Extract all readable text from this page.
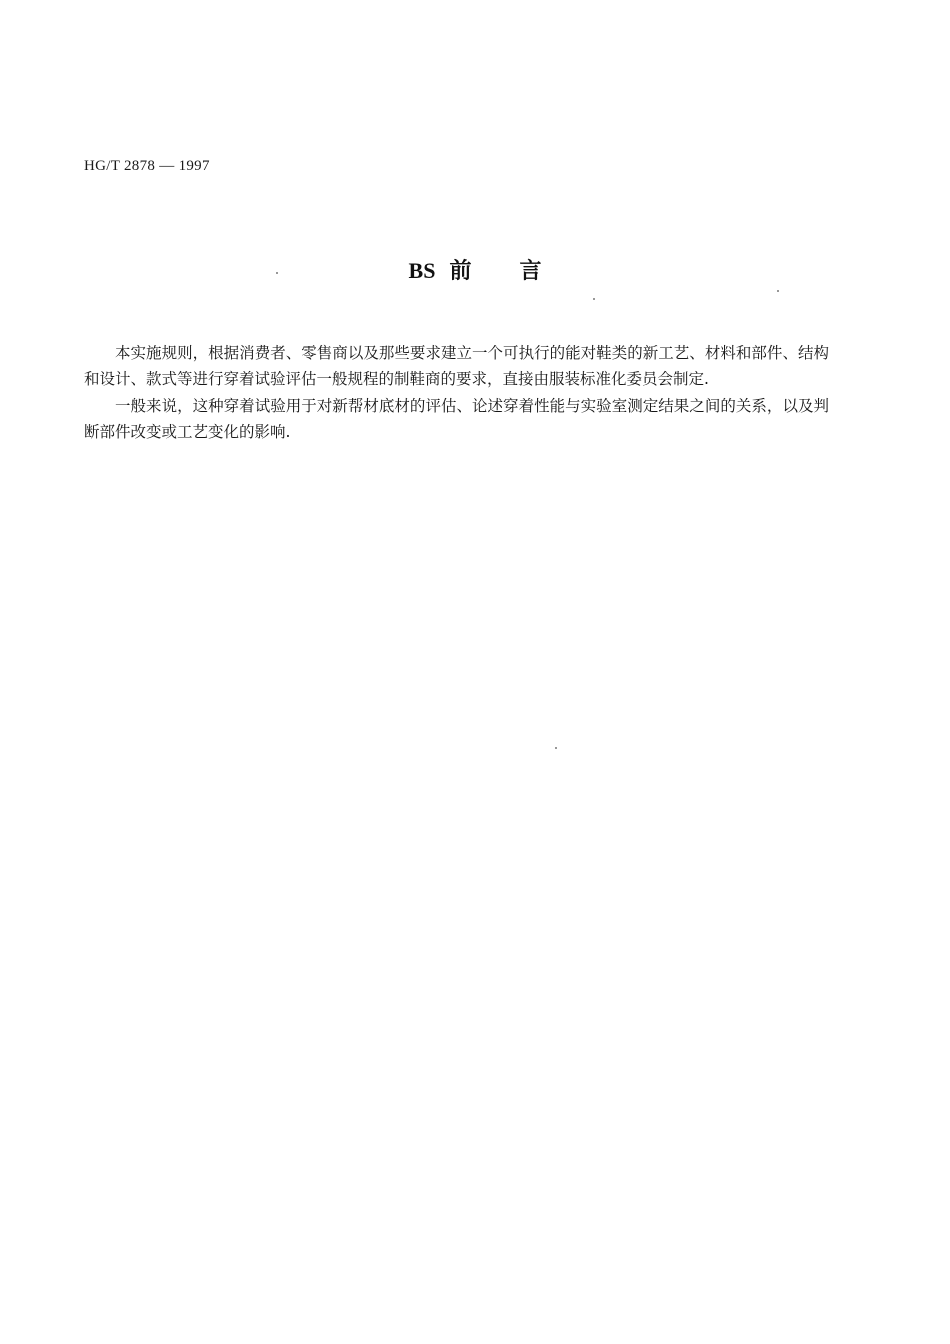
HG/T 2878 — 1997
BS 前言

本实施规则，根据消费者、零售商以及那些要求建立一个可执行的能对鞋类的新工艺、材料和部件、结构和设计、款式等进行穿着试验评估一般规程的制鞋商的要求，直接由服装标准化委员会制定.

一般来说，这种穿着试验用于对新帮材底材的评估、论述穿着性能与实验室测定结果之间的关系，以及判断部件改变或工艺变化的影响.
